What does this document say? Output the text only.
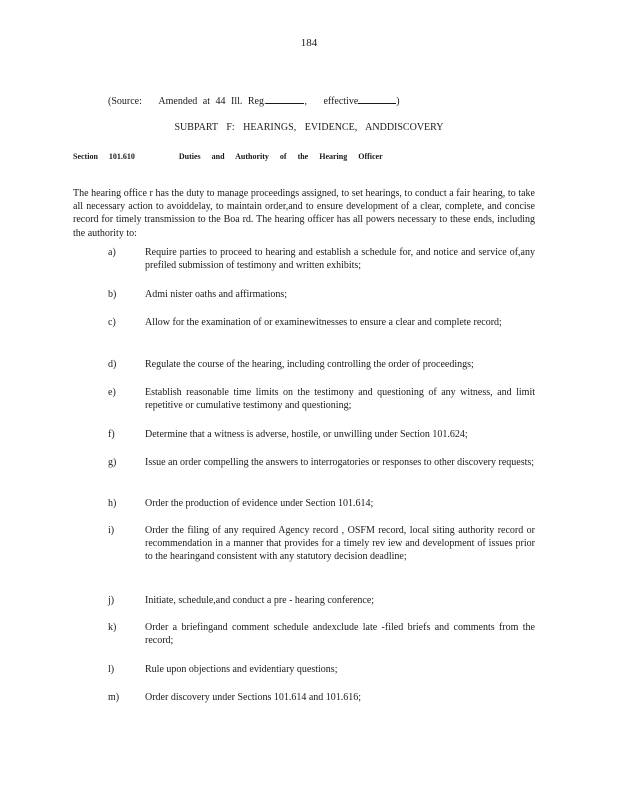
184
(Source: Amended at 44 Ill. Reg.	,   effective	)
SUBPART F: HEARINGS, EVIDENCE, ANDDISCOVERY
Section 101.610	Duties and Authority of the Hearing Officer

The hearing office r has the duty to manage proceedings assigned, to set hearings, to conduct a fair hearing, to take all necessary action to avoiddelay, to maintain order,and to ensure development of a clear, complete, and concise record for timely transmission to the Boa rd. The hearing officer has all powers necessary to these ends, including the authority to:

a)	Require parties to proceed to hearing and establish a schedule for, and notice and service of,any prefiled submission of testimony and written exhibits;
b)	Admi nister oaths and affirmations;
c)	Allow for the examination of or examinewitnesses to ensure a clear and complete record;
d)	Regulate the course of the hearing, including controlling the order of proceedings;
e)	Establish reasonable time limits on the testimony and questioning of any witness, and limit repetitive or cumulative testimony and questioning;
f)	Determine that a witness is adverse, hostile, or unwilling under Section 101.624;
g)	Issue an order compelling the answers to interrogatories or responses to other discovery requests;
h)	Order the production of evidence under Section 101.614;
i)	Order the filing of any required Agency record , OSFM record, local siting authority record or recommendation in a manner that provides for a timely rev iew and development of issues prior to the hearingand consistent with any statutory decision deadline;
j)	Initiate, schedule,and conduct a pre - hearing conference;
k)	Order a briefingand comment schedule andexclude late -filed briefs and comments from the record;
l)	Rule upon objections and evidentiary questions;
m)	Order discovery under Sections 101.614 and 101.616;
